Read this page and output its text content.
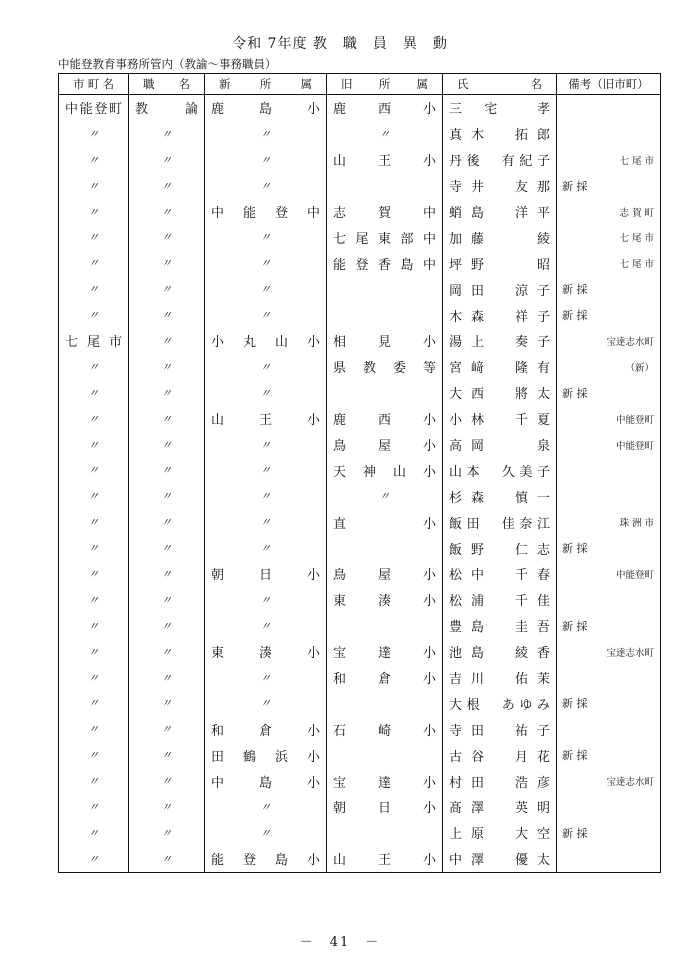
令和 7年度 教　職　員　異　動
中能登教育事務所管内（教諭～事務職員）
市町名	職　名	新　所　属	旧　所　属	氏　　名	備考（旧市町）
中能登町	教　論	鹿　島　小	鹿　西　小	三　宅　　孝	
〃	〃	〃	〃	真木　拓郎	
〃	〃	〃	山　王　小	丹後　有紀子	七 尾 市
〃	〃	〃		寺井　友那	新 採
〃	〃	中 能 登 中	志　賀　中	蛸島　洋平	志 賀 町
〃	〃	〃	七尾東部中	加藤　　綾	七 尾 市
〃	〃	〃	能登香島中	坪野　　昭	七 尾 市
〃	〃	〃		岡田　涼子	新 採
〃	〃	〃		木森　祥子	新 採
七尾市	〃	小 丸 山 小	相　見　小	湯上　奏子	宝達志水町
〃	〃	〃	県 教 委 等	宮﨑　隆有	（新）
〃	〃	〃		大西　將太	新 採
〃	〃	山　王　小	鹿　西　小	小林　千夏	中能登町
〃	〃	〃	鳥　屋　小	高岡　　泉	中能登町
〃	〃	〃	天 神 山 小	山本　久美子	
〃	〃	〃	〃	杉森　慎一	
〃	〃	〃	直　　　小	飯田　佳奈江	珠 洲 市
〃	〃	〃		飯野　仁志	新 採
〃	〃	朝　日　小	鳥　屋　小	松中　千春	中能登町
〃	〃	〃	東　湊　小	松浦　千佳	
〃	〃	〃		豊島　圭吾	新 採
〃	〃	東　湊　小	宝　達　小	池島　綾香	宝達志水町
〃	〃	〃	和　倉　小	吉川　佑茉	
〃	〃	〃		大根　あゆみ	新 採
〃	〃	和　倉　小	石　崎　小	寺田　祐子	
〃	〃	田 鶴 浜 小		古谷　月花	新 採
〃	〃	中　島　小	宝　達　小	村田　浩彦	宝達志水町
〃	〃	〃	朝　日　小	髙澤　英明	
〃	〃	〃		上原　大空	新 採
〃	〃	能 登 島 小	山　王　小	中澤　優太	
－　41　－
